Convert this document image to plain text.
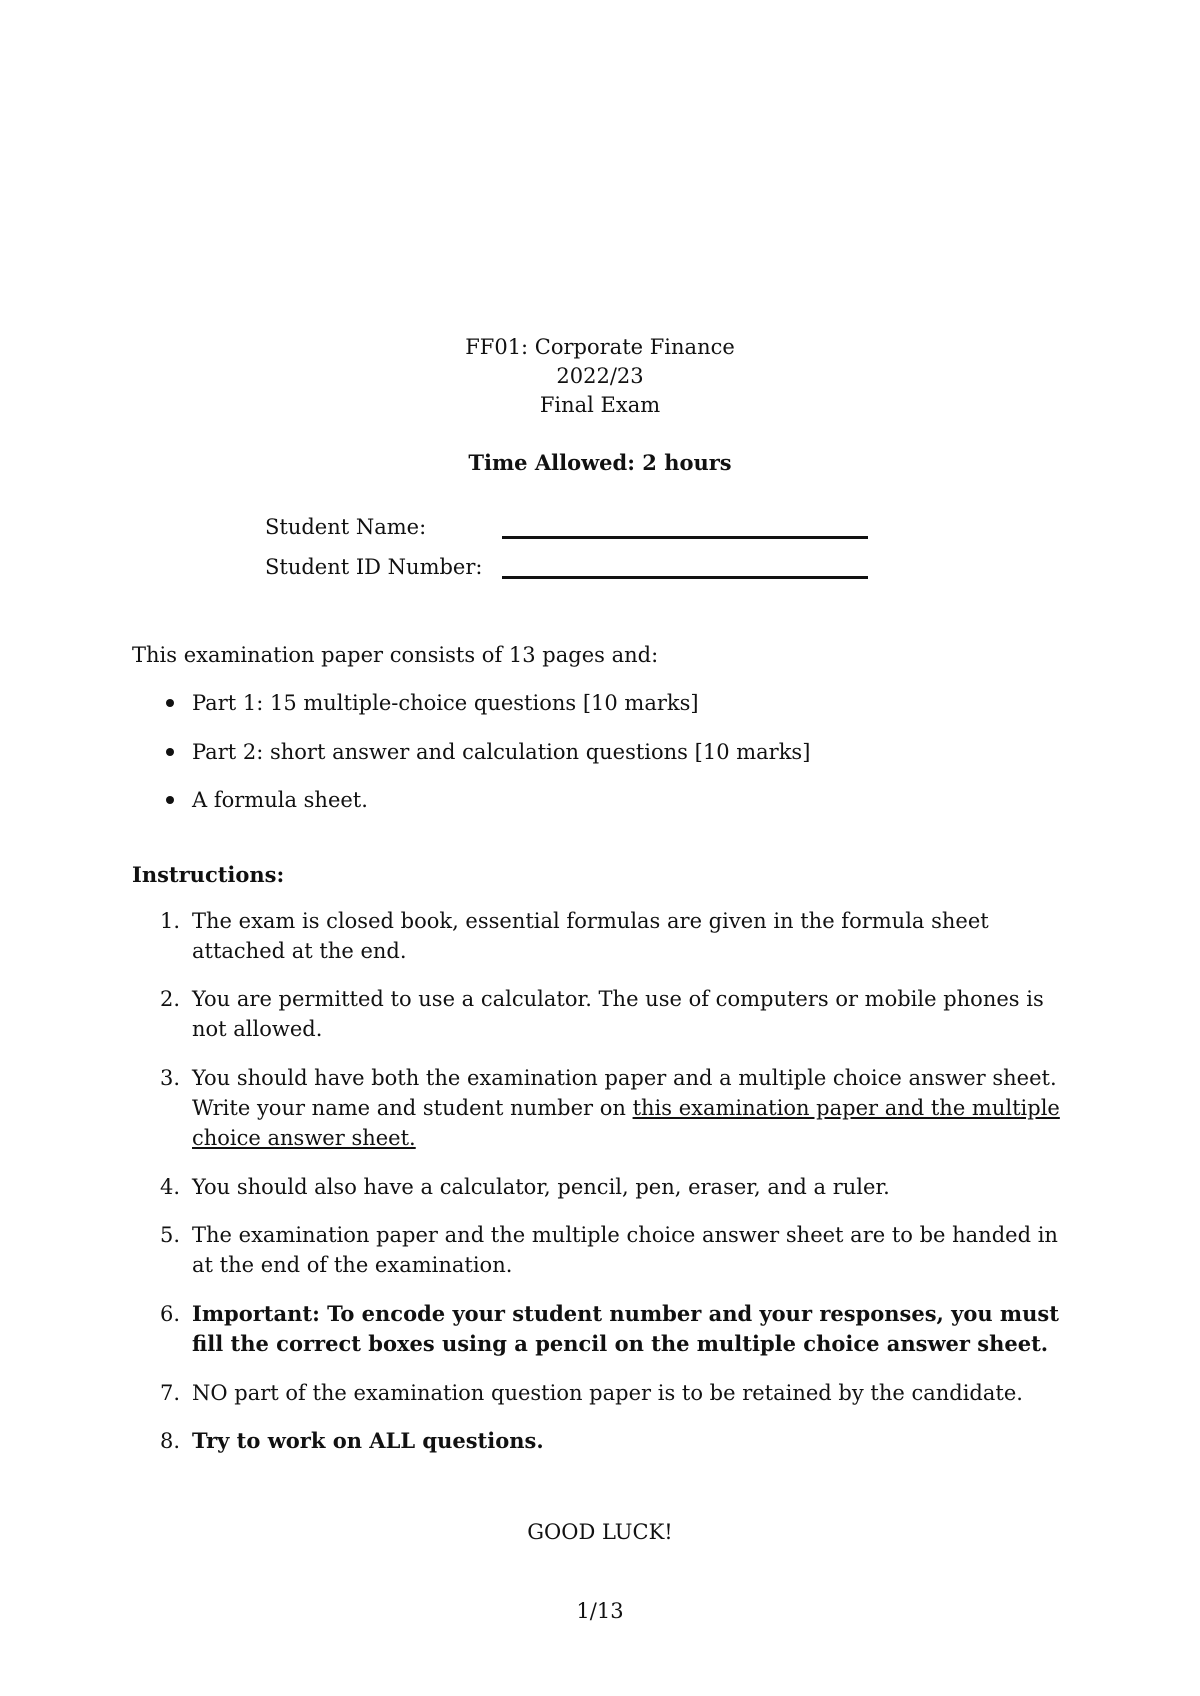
FF01: Corporate Finance
2022/23
Final Exam
Time Allowed: 2 hours
Student Name:
Student ID Number:
This examination paper consists of 13 pages and:
Part 1: 15 multiple-choice questions [10 marks]
Part 2: short answer and calculation questions [10 marks]
A formula sheet.
Instructions:
1. The exam is closed book, essential formulas are given in the formula sheet attached at the end.
2. You are permitted to use a calculator. The use of computers or mobile phones is not allowed.
3. You should have both the examination paper and a multiple choice answer sheet. Write your name and student number on this examination paper and the multiple choice answer sheet.
4. You should also have a calculator, pencil, pen, eraser, and a ruler.
5. The examination paper and the multiple choice answer sheet are to be handed in at the end of the examination.
6. Important: To encode your student number and your responses, you must fill the correct boxes using a pencil on the multiple choice answer sheet.
7. NO part of the examination question paper is to be retained by the candidate.
8. Try to work on ALL questions.
GOOD LUCK!
1/13
